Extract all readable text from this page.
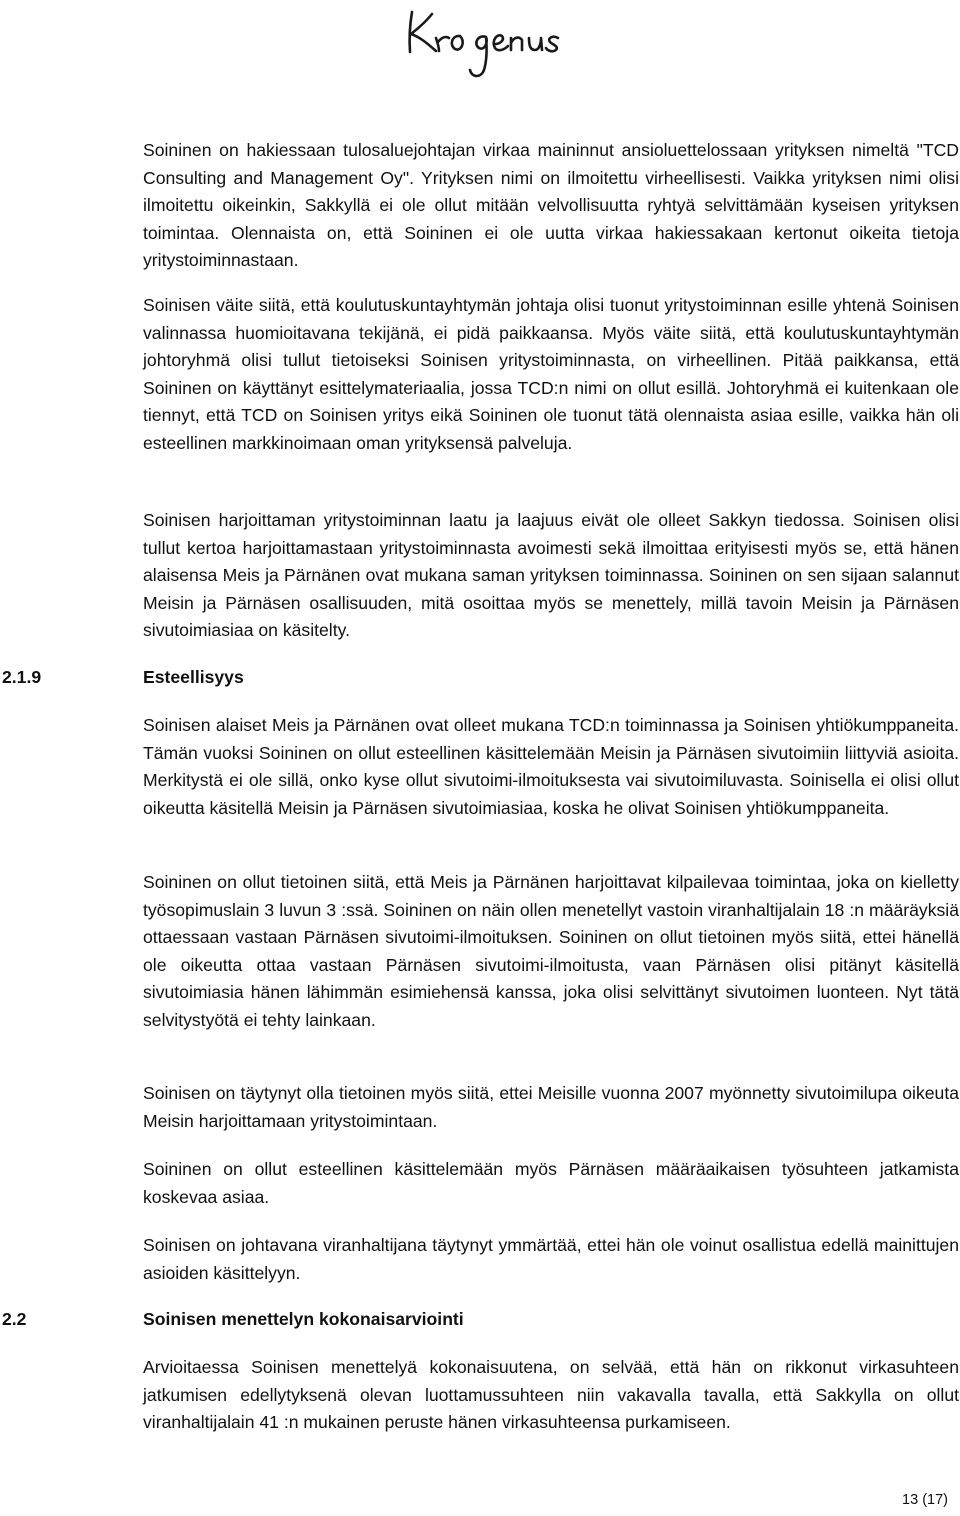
Soininen on hakiessaan tulosaluejohtajan virkaa maininnut ansioluettelossaan yrityksen nimeltä "TCD Consulting and Management Oy". Yrityksen nimi on ilmoitettu virheellisesti. Vaikka yrityksen nimi olisi ilmoitettu oikeinkin, Sakkyllä ei ole ollut mitään velvollisuutta ryhtyä selvittämään kyseisen yrityksen toimintaa. Olennaista on, että Soininen ei ole uutta virkaa hakiessakaan kertonut oikeita tietoja yritystoiminnastaan.
Soinisen väite siitä, että koulutuskuntayhtymän johtaja olisi tuonut yritystoiminnan esille yhtenä Soinisen valinnassa huomioitavana tekijänä, ei pidä paikkaansa. Myös väite siitä, että koulutuskuntayhtymän johtoryhmä olisi tullut tietoiseksi Soinisen yritystoiminnasta, on virheellinen. Pitää paikkansa, että Soininen on käyttänyt esittelymateriaalia, jossa TCD:n nimi on ollut esillä. Johtoryhmä ei kuitenkaan ole tiennyt, että TCD on Soinisen yritys eikä Soininen ole tuonut tätä olennaista asiaa esille, vaikka hän oli esteellinen markkinoimaan oman yrityksensä palveluja.
Soinisen harjoittaman yritystoiminnan laatu ja laajuus eivät ole olleet Sakkyn tiedossa. Soinisen olisi tullut kertoa harjoittamastaan yritystoiminnasta avoimesti sekä ilmoittaa erityisesti myös se, että hänen alaisensa Meis ja Pärnänen ovat mukana saman yrityksen toiminnassa. Soininen on sen sijaan salannut Meisin ja Pärnäsen osallisuuden, mitä osoittaa myös se menettely, millä tavoin Meisin ja Pärnäsen sivutoimiasiaa on käsitelty.
2.1.9	Esteellisyys
Soinisen alaiset Meis ja Pärnänen ovat olleet mukana TCD:n toiminnassa ja Soinisen yhtiökumppaneita. Tämän vuoksi Soininen on ollut esteellinen käsittelemään Meisin ja Pärnäsen sivutoimiin liittyviä asioita. Merkitystä ei ole sillä, onko kyse ollut sivutoimi-ilmoituksesta vai sivutoimiluvasta. Soinisella ei olisi ollut oikeutta käsitellä Meisin ja Pärnäsen sivutoimiasiaa, koska he olivat Soinisen yhtiökumppaneita.
Soininen on ollut tietoinen siitä, että Meis ja Pärnänen harjoittavat kilpailevaa toimintaa, joka on kielletty työsopimuslain 3 luvun 3 :ssä. Soininen on näin ollen menetellyt vastoin viranhaltijalain 18 :n määräyksiä ottaessaan vastaan Pärnäsen sivutoimi-ilmoituksen. Soininen on ollut tietoinen myös siitä, ettei hänellä ole oikeutta ottaa vastaan Pärnäsen sivutoimi-ilmoitusta, vaan Pärnäsen olisi pitänyt käsitellä sivutoimiasia hänen lähimmän esimiehensä kanssa, joka olisi selvittänyt sivutoimen luonteen. Nyt tätä selvitystyötä ei tehty lainkaan.
Soinisen on täytynyt olla tietoinen myös siitä, ettei Meisille vuonna 2007 myönnetty sivutoimilupa oikeuta Meisin harjoittamaan yritystoimintaan.
Soininen on ollut esteellinen käsittelemään myös Pärnäsen määräaikaisen työsuhteen jatkamista koskevaa asiaa.
Soinisen on johtavana viranhaltijana täytynyt ymmärtää, ettei hän ole voinut osallistua edellä mainittujen asioiden käsittelyyn.
2.2	Soinisen menettelyn kokonaisarviointi
Arvioitaessa Soinisen menettelyä kokonaisuutena, on selvää, että hän on rikkonut virkasuhteen jatkumisen edellytyksenä olevan luottamussuhteen niin vakavalla tavalla, että Sakkylla on ollut viranhaltijalain 41 :n mukainen peruste hänen virkasuhteensa purkamiseen.
13 (17)
